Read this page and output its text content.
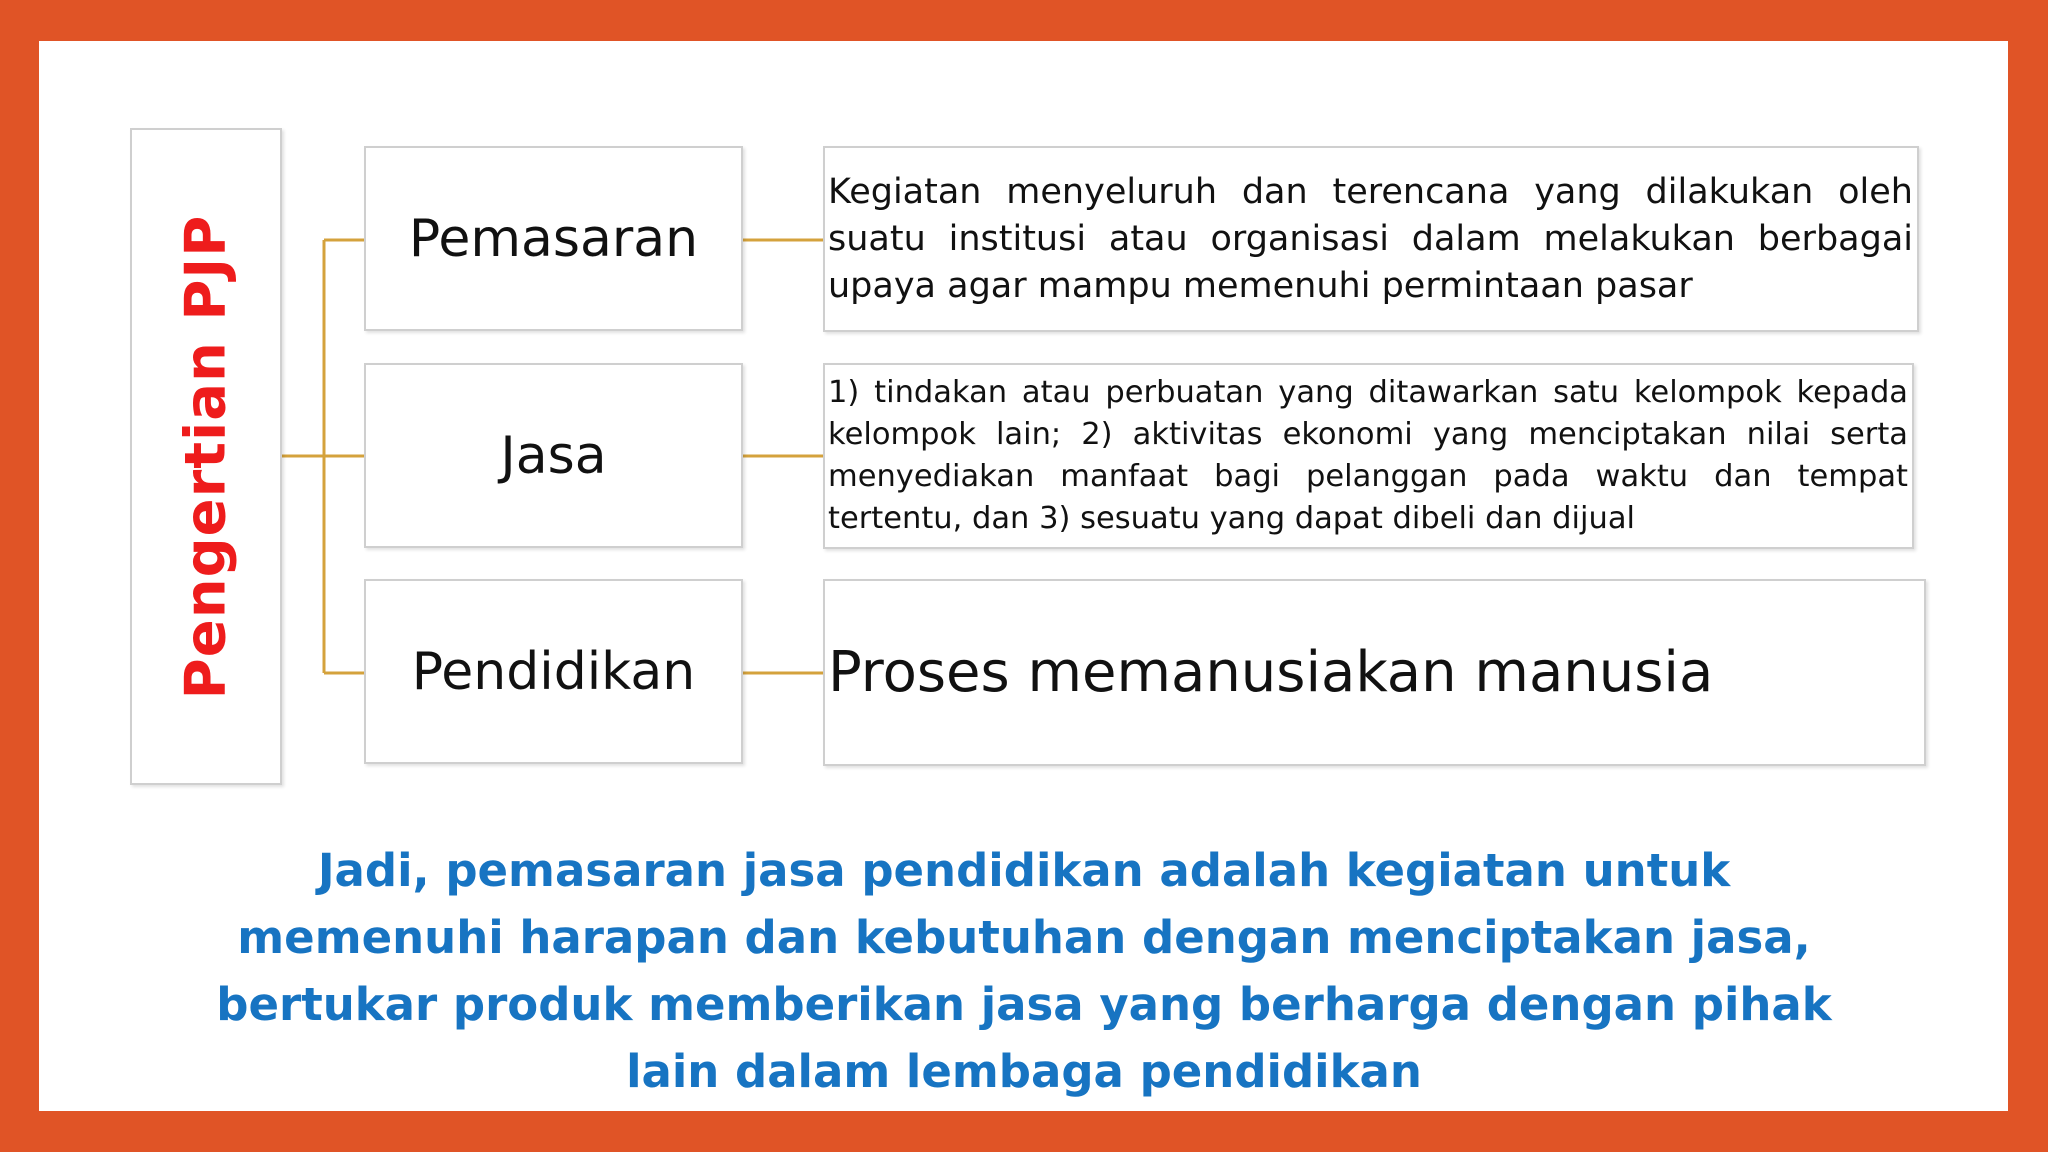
Pengertian PJP	Pemasaran
Jasa
Pendidikan
Kegiatan menyeluruh dan terencana yang dilakukan oleh suatu institusi atau organisasi dalam melakukan berbagai upaya agar mampu memenuhi permintaan pasar
1) tindakan atau perbuatan yang ditawarkan satu kelompok kepada kelompok lain; 2) aktivitas ekonomi yang menciptakan nilai serta menyediakan manfaat bagi pelanggan pada waktu dan tempat tertentu, dan 3) sesuatu yang dapat dibeli dan dijual
Proses memanusiakan manusia
Jadi, pemasaran jasa pendidikan adalah kegiatan untuk memenuhi harapan dan kebutuhan dengan menciptakan jasa, bertukar produk memberikan jasa yang berharga dengan pihak lain dalam lembaga pendidikan
